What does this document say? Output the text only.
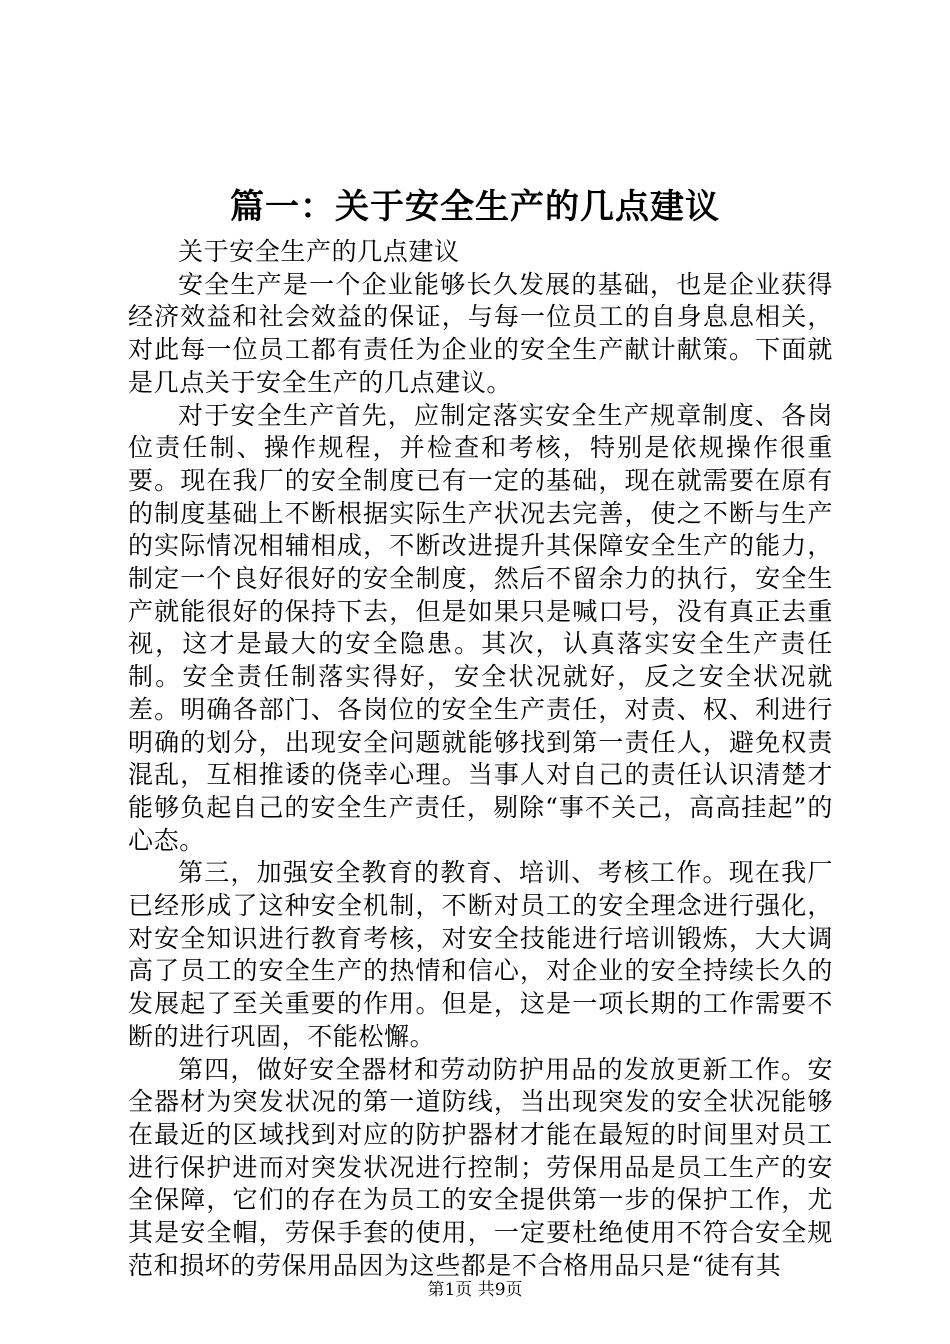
篇一：关于安全生产的几点建议

关于安全生产的几点建议

安全生产是一个企业能够长久发展的基础，也是企业获得经济效益和社会效益的保证，与每一位员工的自身息息相关，对此每一位员工都有责任为企业的安全生产献计献策。下面就是几点关于安全生产的几点建议。

对于安全生产首先，应制定落实安全生产规章制度、各岗位责任制、操作规程，并检查和考核，特别是依规操作很重要。现在我厂的安全制度已有一定的基础，现在就需要在原有的制度基础上不断根据实际生产状况去完善，使之不断与生产的实际情况相辅相成，不断改进提升其保障安全生产的能力，制定一个良好很好的安全制度，然后不留余力的执行，安全生产就能很好的保持下去，但是如果只是喊口号，没有真正去重视，这才是最大的安全隐患。其次，认真落实安全生产责任制。安全责任制落实得好，安全状况就好，反之安全状况就差。明确各部门、各岗位的安全生产责任，对责、权、利进行明确的划分，出现安全问题就能够找到第一责任人，避免权责混乱，互相推诿的侥幸心理。当事人对自己的责任认识清楚才能够负起自己的安全生产责任，剔除“事不关己，高高挂起”的心态。

第三，加强安全教育的教育、培训、考核工作。现在我厂已经形成了这种安全机制，不断对员工的安全理念进行强化，对安全知识进行教育考核，对安全技能进行培训锻炼，大大调高了员工的安全生产的热情和信心，对企业的安全持续长久的发展起了至关重要的作用。但是，这是一项长期的工作需要不断的进行巩固，不能松懈。

第四，做好安全器材和劳动防护用品的发放更新工作。安全器材为突发状况的第一道防线，当出现突发的安全状况能够在最近的区域找到对应的防护器材才能在最短的时间里对员工进行保护进而对突发状况进行控制；劳保用品是员工生产的安全保障，它们的存在为员工的安全提供第一步的保护工作，尤其是安全帽，劳保手套的使用，一定要杜绝使用不符合安全规范和损坏的劳保用品因为这些都是不合格用品只是“徒有其

第1页 共9页
